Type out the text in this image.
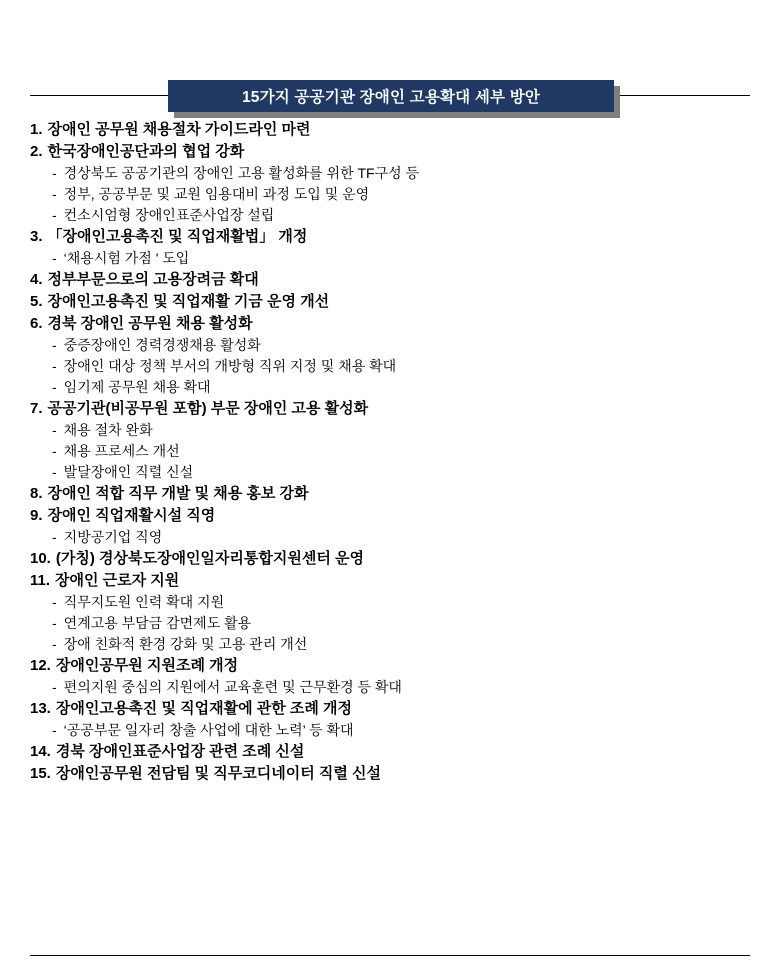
15가지 공공기관 장애인 고용확대 세부 방안
1. 장애인 공무원 채용절차 가이드라인 마련
2. 한국장애인공단과의 협업 강화
- 경상북도 공공기관의 장애인 고용 활성화를 위한 TF구성 등
- 정부, 공공부문 및 교원 임용대비 과정 도입 및 운영
- 컨소시엄형 장애인표준사업장 설립
3. 「장애인고용촉진 및 직업재활법」 개정
- ‘채용시험 가점 ' 도입
4. 정부부문으로의 고용장려금 확대
5. 장애인고용촉진 및 직업재활 기금 운영 개선
6. 경북 장애인 공무원 채용 활성화
- 중증장애인 경력경쟁채용 활성화
- 장애인 대상 정책 부서의 개방형 직위 지정 및 채용 확대
- 임기제 공무원 채용 확대
7. 공공기관(비공무원 포함) 부문 장애인 고용 활성화
- 채용 절차 완화
- 채용 프로세스 개선
- 발달장애인 직렬 신설
8. 장애인 적합 직무 개발 및 채용 홍보 강화
9. 장애인 직업재활시설 직영
- 지방공기업 직영
10. (가칭) 경상북도장애인일자리통합지원센터 운영
11. 장애인 근로자 지원
- 직무지도원 인력 확대 지원
- 연계고용 부담금 감면제도 활용
- 장애 친화적 환경 강화 및 고용 관리 개선
12. 장애인공무원 지원조례 개정
- 편의지원 중심의 지원에서 교육훈련 및 근무환경 등 확대
13. 장애인고용촉진 및 직업재활에 관한 조례 개정
- ‘공공부문 일자리 창출 사업에 대한 노력’ 등 확대
14. 경북 장애인표준사업장 관련 조례 신설
15. 장애인공무원 전담팀 및 직무코디네이터 직렬 신설
